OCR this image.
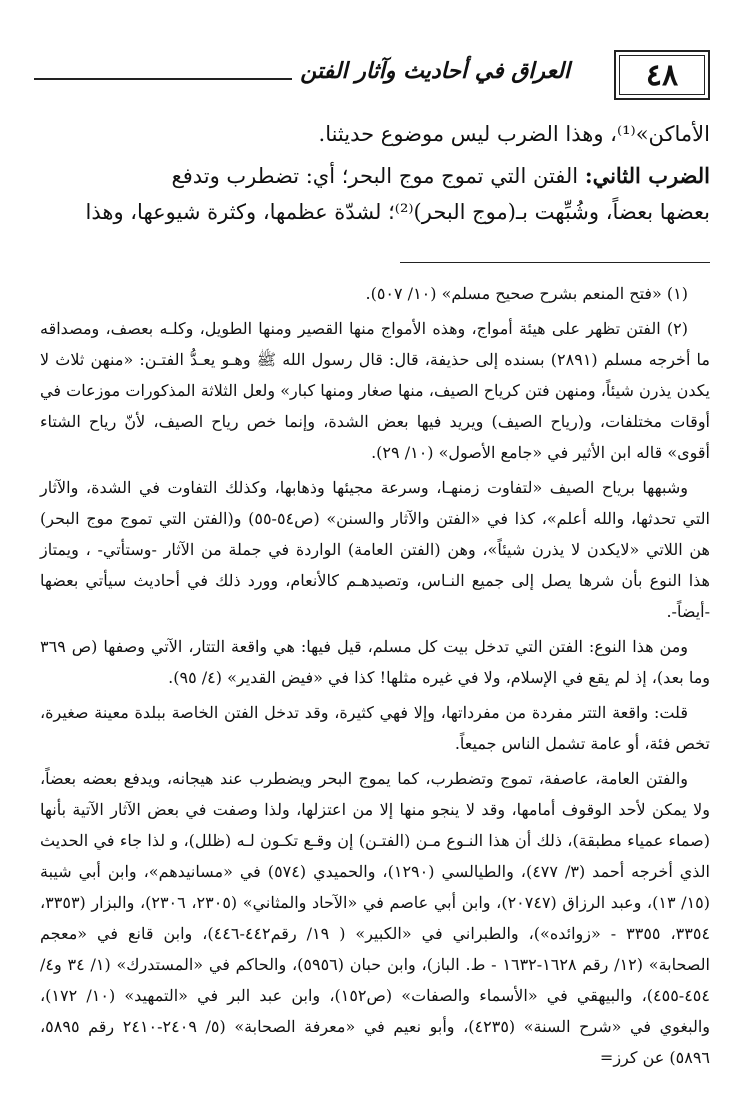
العراق في أحاديث وآثار الفتن	٤٨
الأماكن»⁽¹⁾، وهذا الضرب ليس موضوع حديثنا.
الضرب الثاني: الفتن التي تموج موج البحر؛ أي: تضطرب وتدفع
بعضها بعضاً، وشُبِّهت بـ(موج البحر)⁽²⁾؛ لشدّة عظمها، وكثرة شيوعها، وهذا

(١) «فتح المنعم بشرح صحيح مسلم» (١٠/ ٥٠٧).

(٢) الفتن تظهر على هيئة أمواج، وهذه الأمواج منها القصير ومنها الطويل، وكلـه بعصف، ومصداقه ما أخرجه مسلم (٢٨٩١) بسنده إلى حذيفة، قال: قال رسول الله ﷺ وهـو يعـدُّ الفتـن: «منهن ثلاث لا يكدن يذرن شيئاً، ومنهن فتن كرياح الصيف، منها صغار ومنها كبار» ولعل الثلاثة المذكورات موزعات في أوقات مختلفات، و(رياح الصيف) ويريد فيها بعض الشدة، وإنما خص رياح الصيف، لأنّ رياح الشتاء أقوى» قاله ابن الأثير في «جامع الأصول» (١٠/ ٢٩).

وشبهها برياح الصيف «لتفاوت زمنهـا، وسرعة مجيئها وذهابها، وكذلك التفاوت في الشدة، والآثار التي تحدثها، والله أعلم»، كذا في «الفتن والآثار والسنن» (ص٥٤-٥٥) و(الفتن التي تموج موج البحر) هن اللاتي «لايكدن لا يذرن شيئاً»، وهن (الفتن العامة) الواردة في جملة من الآثار -وستأتي- ، ويمتاز هذا النوع بأن شرها يصل إلى جميع النـاس، وتصيدهـم كالأنعام، وورد ذلك في أحاديث سيأتي بعضها -أيضاً-.

ومن هذا النوع: الفتن التي تدخل بيت كل مسلم، قيل فيها: هي واقعة التتار، الآتي وصفها (ص ٣٦٩ وما بعد)، إذ لم يقع في الإسلام، ولا في غيره مثلها! كذا في «فيض القدير» (٤/ ٩٥).

قلت: واقعة التتر مفردة من مفرداتها، وإلا فهي كثيرة، وقد تدخل الفتن الخاصة ببلدة معينة صغيرة، تخص فئة، أو عامة تشمل الناس جميعاً.

والفتن العامة، عاصفة، تموج وتضطرب، كما يموج البحر ويضطرب عند هيجانه، ويدفع بعضه بعضاً، ولا يمكن لأحد الوقوف أمامها، وقد لا ينجو منها إلا من اعتزلها، ولذا وصفت في بعض الآثار الآتية بأنها (صماء عمياء مطبقة)، ذلك أن هذا النـوع مـن (الفتـن) إن وقـع تكـون لـه (ظلل)، و لذا جاء في الحديث الذي أخرجه أحمد (٣/ ٤٧٧)، والطيالسي (١٢٩٠)، والحميدي (٥٧٤) في «مسانيدهم»، وابن أبي شيبة (١٥/ ١٣)، وعبد الرزاق (٢٠٧٤٧)، وابن أبي عاصم في «الآحاد والمثاني» (٢٣٠٥، ٢٣٠٦)، والبزار (٣٣٥٣، ٣٣٥٤، ٣٣٥٥ - «زوائده»)، والطبراني في «الكبير» ( ١٩/ رقم٤٤٢-٤٤٦)، وابن قانع في «معجم الصحابة» (١٢/ رقم ١٦٢٨-١٦٣٢ - ط. الباز)، وابن حبان (٥٩٥٦)، والحاكم في «المستدرك» (١/ ٣٤ و٤/ ٤٥٤-٤٥٥)، والبيهقي في «الأسماء والصفات» (ص١٥٢)، وابن عبد البر في «التمهيد» (١٠/ ١٧٢)، والبغوي في «شرح السنة» (٤٢٣٥)، وأبو نعيم في «معرفة الصحابة» (٥/ ٢٤٠٩-٢٤١٠ رقم ٥٨٩٥، ٥٨٩٦) عن كرز=
